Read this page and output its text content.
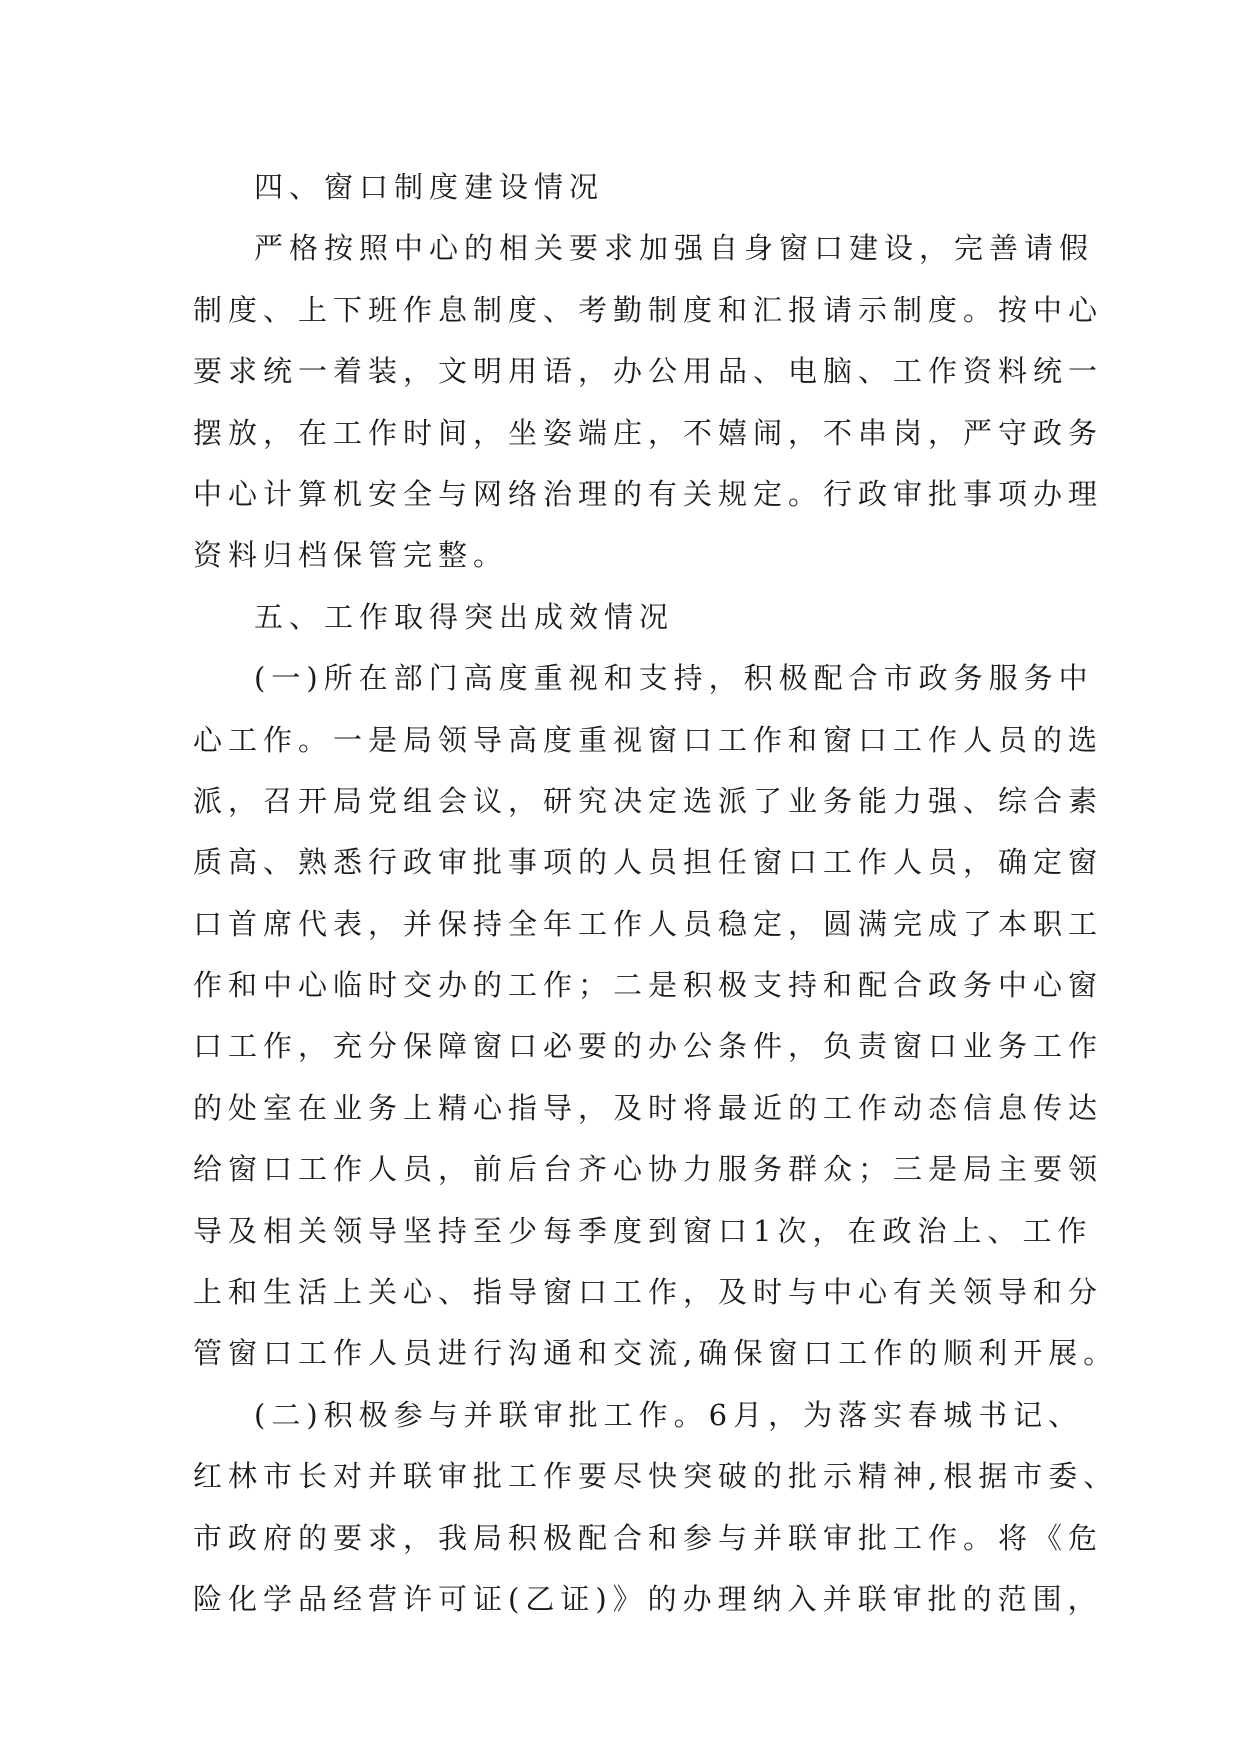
四、窗口制度建设情况
严格按照中心的相关要求加强自身窗口建设，完善请假
制度、上下班作息制度、考勤制度和汇报请示制度。按中心
要求统一着装，文明用语，办公用品、电脑、工作资料统一
摆放，在工作时间，坐姿端庄，不嬉闹，不串岗，严守政务
中心计算机安全与网络治理的有关规定。行政审批事项办理
资料归档保管完整。
五、工作取得突出成效情况
(一)所在部门高度重视和支持，积极配合市政务服务中
心工作。一是局领导高度重视窗口工作和窗口工作人员的选
派，召开局党组会议，研究决定选派了业务能力强、综合素
质高、熟悉行政审批事项的人员担任窗口工作人员，确定窗
口首席代表，并保持全年工作人员稳定，圆满完成了本职工
作和中心临时交办的工作；二是积极支持和配合政务中心窗
口工作，充分保障窗口必要的办公条件，负责窗口业务工作
的处室在业务上精心指导，及时将最近的工作动态信息传达
给窗口工作人员，前后台齐心协力服务群众；三是局主要领
导及相关领导坚持至少每季度到窗口1次，在政治上、工作
上和生活上关心、指导窗口工作，及时与中心有关领导和分
管窗口工作人员进行沟通和交流,确保窗口工作的顺利开展。
(二)积极参与并联审批工作。6月，为落实春城书记、
红林市长对并联审批工作要尽快突破的批示精神,根据市委、
市政府的要求，我局积极配合和参与并联审批工作。将《危
险化学品经营许可证(乙证)》的办理纳入并联审批的范围，
